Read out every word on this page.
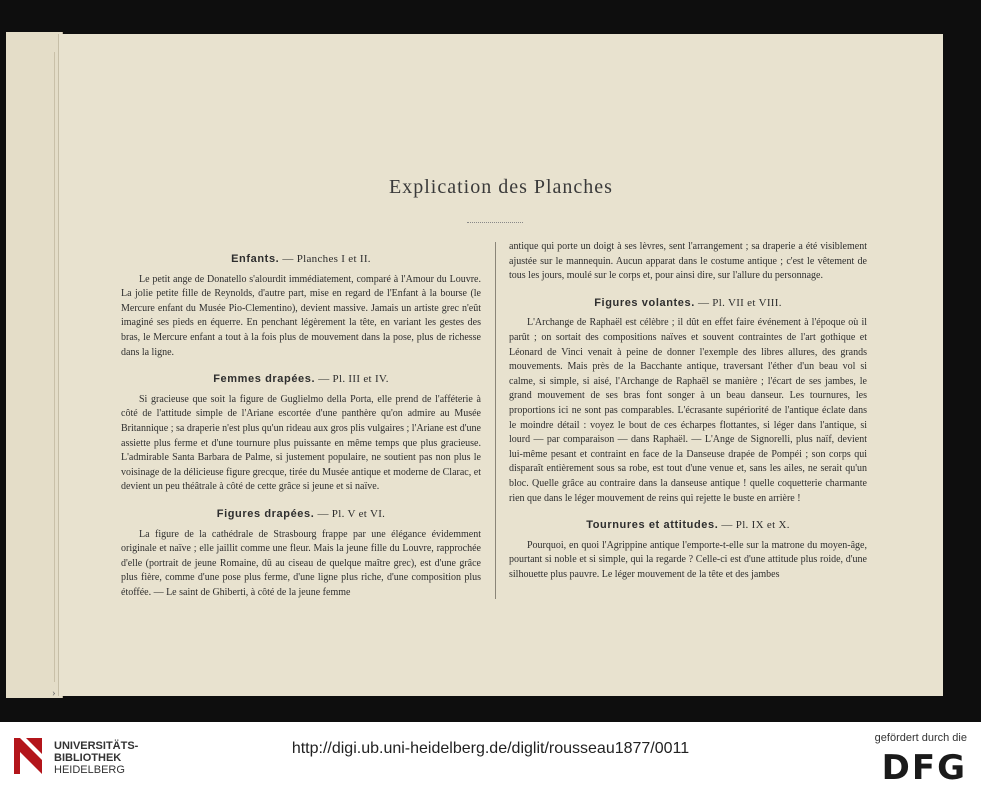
›
Explication des Planches
Enfants. — Planches I et II.

Le petit ange de Donatello s'alourdit immédiatement, comparé à l'Amour du Louvre. La jolie petite fille de Reynolds, d'autre part, mise en regard de l'Enfant à la bourse (le Mercure enfant du Musée Pio-Clementino), devient massive. Jamais un artiste grec n'eût imaginé ses pieds en équerre. En penchant légèrement la tête, en variant les gestes des bras, le Mercure enfant a tout à la fois plus de mouvement dans la pose, plus de richesse dans la ligne.

Femmes drapées. — Pl. III et IV.

Si gracieuse que soit la figure de Guglielmo della Porta, elle prend de l'afféterie à côté de l'attitude simple de l'Ariane escortée d'une panthère qu'on admire au Musée Britannique ; sa draperie n'est plus qu'un rideau aux gros plis vulgaires ; l'Ariane est d'une assiette plus ferme et d'une tournure plus puissante en même temps que plus gracieuse. L'admirable Santa Barbara de Palme, si justement populaire, ne soutient pas non plus le voisinage de la délicieuse figure grecque, tirée du Musée antique et moderne de Clarac, et devient un peu théâtrale à côté de cette grâce si jeune et si naïve.

Figures drapées. — Pl. V et VI.

La figure de la cathédrale de Strasbourg frappe par une élégance évidemment originale et naïve ; elle jaillit comme une fleur. Mais la jeune fille du Louvre, rapprochée d'elle (portrait de jeune Romaine, dû au ciseau de quelque maître grec), est d'une grâce plus fière, comme d'une pose plus ferme, d'une ligne plus riche, d'une composition plus étoffée. — Le saint de Ghiberti, à côté de la jeune femme

antique qui porte un doigt à ses lèvres, sent l'arrangement ; sa draperie a été visiblement ajustée sur le mannequin. Aucun apparat dans le costume antique ; c'est le vêtement de tous les jours, moulé sur le corps et, pour ainsi dire, sur l'allure du personnage.

Figures volantes. — Pl. VII et VIII.

L'Archange de Raphaël est célèbre ; il dût en effet faire événement à l'époque où il parût ; on sortait des compositions naïves et souvent contraintes de l'art gothique et Léonard de Vinci venait à peine de donner l'exemple des libres allures, des grands mouvements. Mais près de la Bacchante antique, traversant l'éther d'un beau vol si calme, si simple, si aisé, l'Archange de Raphaël se manière ; l'écart de ses jambes, le grand mouvement de ses bras font songer à un beau danseur. Les tournures, les proportions ici ne sont pas comparables. L'écrasante supériorité de l'antique éclate dans le moindre détail : voyez le bout de ces écharpes flottantes, si léger dans l'antique, si lourd — par comparaison — dans Raphaël. — L'Ange de Signorelli, plus naïf, devient lui-même pesant et contraint en face de la Danseuse drapée de Pompéi ; son corps qui disparaît entièrement sous sa robe, est tout d'une venue et, sans les ailes, ne serait qu'un bloc. Quelle grâce au contraire dans la danseuse antique ! quelle coquetterie charmante rien que dans le léger mouvement de reins qui rejette le buste en arrière !

Tournures et attitudes. — Pl. IX et X.

Pourquoi, en quoi l'Agrippine antique l'emporte-t-elle sur la matrone du moyen-âge, pourtant si noble et si simple, qui la regarde ? Celle-ci est d'une attitude plus roide, d'une silhouette plus pauvre. Le léger mouvement de la tête et des jambes

UNIVERSITÄTS-
BIBLIOTHEK
HEIDELBERG
http://digi.ub.uni-heidelberg.de/diglit/rousseau1877/0011
gefördert durch die
DFG
